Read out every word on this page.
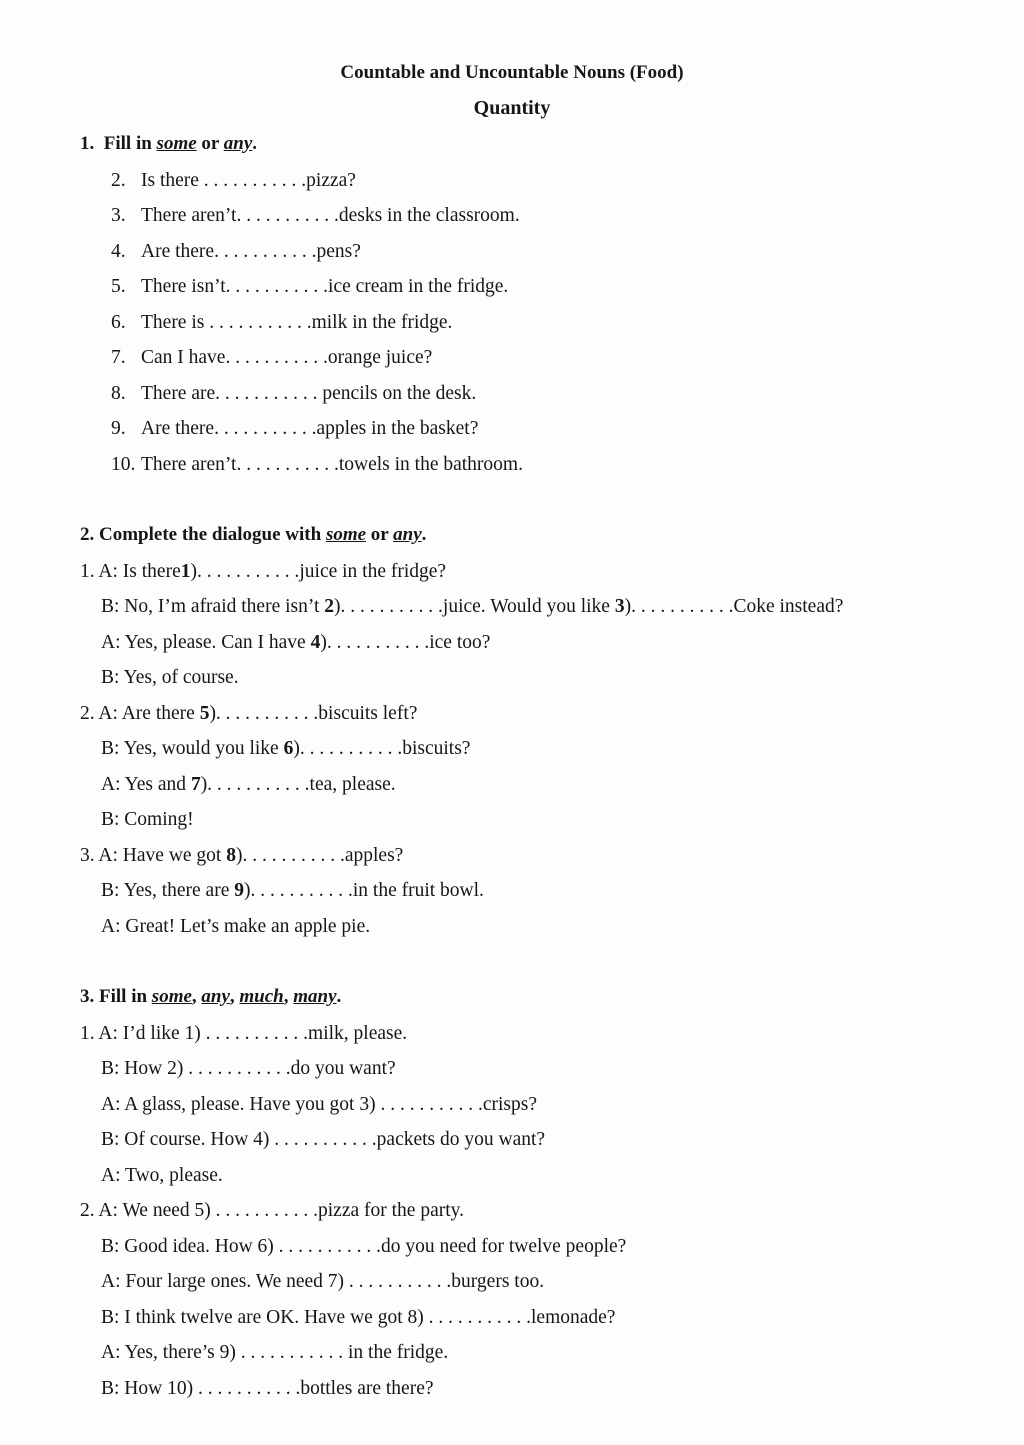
Countable and Uncountable Nouns (Food)
Quantity
1. Fill in some or any.
2. Is there . . . . . . . . . . .pizza?
3. There aren’t. . . . . . . . . . .desks in the classroom.
4. Are there. . . . . . . . . . .pens?
5. There isn’t. . . . . . . . . . .ice cream in the fridge.
6. There is . . . . . . . . . . .milk in the fridge.
7. Can I have. . . . . . . . . . .orange juice?
8. There are. . . . . . . . . . . pencils on the desk.
9. Are there. . . . . . . . . . .apples in the basket?
10. There aren’t. . . . . . . . . . .towels in the bathroom.
2. Complete the dialogue with some or any.
1. A: Is there1). . . . . . . . . . .juice in the fridge?
B: No, I’m afraid there isn’t 2). . . . . . . . . . .juice. Would you like 3). . . . . . . . . . .Coke instead?
A: Yes, please. Can I have 4). . . . . . . . . . .ice too?
B: Yes, of course.
2. A: Are there 5). . . . . . . . . . .biscuits left?
B: Yes, would you like 6). . . . . . . . . . .biscuits?
A: Yes and 7). . . . . . . . . . .tea, please.
B: Coming!
3. A: Have we got 8). . . . . . . . . . .apples?
B: Yes, there are 9). . . . . . . . . . .in the fruit bowl.
A: Great! Let’s make an apple pie.
3. Fill in some, any, much, many.
1. A: I’d like 1) . . . . . . . . . . .milk, please.
B: How 2) . . . . . . . . . . .do you want?
A: A glass, please. Have you got 3) . . . . . . . . . . .crisps?
B: Of course. How 4) . . . . . . . . . . .packets do you want?
A: Two, please.
2. A: We need 5) . . . . . . . . . . .pizza for the party.
B: Good idea. How 6) . . . . . . . . . . .do you need for twelve people?
A: Four large ones. We need 7) . . . . . . . . . . .burgers too.
B: I think twelve are OK. Have we got 8) . . . . . . . . . . .lemonade?
A: Yes, there’s 9) . . . . . . . . . . . in the fridge.
B: How 10) . . . . . . . . . . .bottles are there?
